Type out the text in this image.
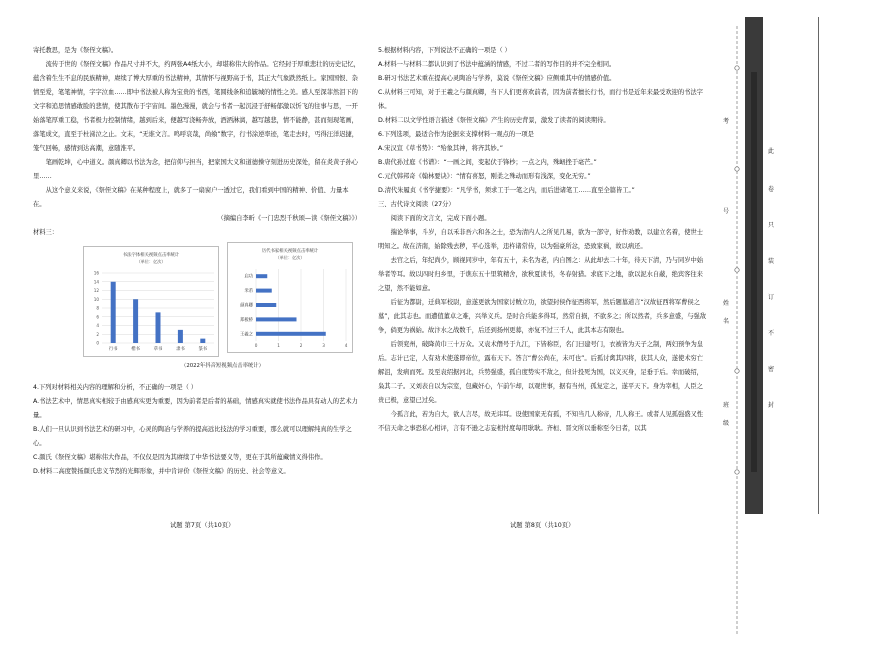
寄托教思，是为《祭侄文稿》。
流传于世的《祭侄文稿》作品尺寸并不大，约两张A4纸大小，却堪称伟大的作品。它经封于厚重悲壮的历史记忆，蕴含着生生不息的民族精神，赓续了博大厚重的书法精神，其情怀与视野高于书，其正大气象跌然纸上。家国国恨、杂情至爱，笔笔神情，字字泣血……即中书法被人称为宝贵的书西，笔圆线条和追毓城的情性之美。感人至深菲然泪下的文字和追思情感敢脸的悲情，使其散布于宇宙间。墨色漫漫，就会与书者一起沉浸于舒畅郁激以忻飞的往事与思，一开始落笔厚重工稳，书者极力控制情绪，越到后来，便越写浇畅奔放，酒洒淋漓，越写越悲，情不能静，甚而刻现笔画，落笔成文，直至于杜涕泣之止。文末，“无谁文言。鸣呼哀哉，尚飨”数字，行书涂逆率迹，笔走去时，丐得汪洋迟捷，笼气回畅，感情到达高潮，意随淮平。
笔画乾坤，心中道义。颜真卿以书法为念，把信仰与担当，把家国大义和道德操守刻进历史深处，留在炎黄子孙心里……
从这个意义来说，《祭侄文稿》在某种程度上，就多了一扇窗户一透过它，我们看到中国的精神、价值、力量本在。
（摘编自李昕《一门忠烈千秋颂—读《祭侄文稿》》）
材料三：
书法字体相关视频点击率统计
（单位：亿次）
0
2
4
6
8
10
12
14
16
行书	楷书	草书	隶书	篆书
历代书家相关视频点击率统计
（单位：亿次）
0	1	2	3	4
王羲之
郑板桥
颜真卿
米芾
启功
（2022年抖音短视频点击率统计）
4.下列对材料相关内容的理解和分析，不正确的一项是（ ）
A.书法艺术中，情思真实相较于由感真实更为重要，因为前者是后者的基础，情感真实就使书法作品具有动人的艺术力量。
B.人们一旦认识到书法艺术的研习中，心灵的陶冶与学养的提高远比技法的学习重要，那么就可以理解纯真的生学之心。
C.颜氏《祭侄文稿》堪称伟大作品，不仅仅是因为其赓续了中华书法要义等，更在于其所蕴藏情义得伟作。
D.材料二高度赞扬颜氏忠义节烈的光辉形象，并中肯评价《祭侄文稿》的历史、社会等意义。
5.根据材料内容，下列说法不正确的一项是（ ）
A.材料一与材料二都认识到了书法中蕴涵的情感，不过二者的写作目的并不完全相同。
B.研习书法艺术重在提高心灵陶冶与学养，莫说《祭侄文稿》应侧重其中的情感价值。
C.从材料三可知，对于王羲之与颜真卿，当下人们更喜欢前者，因为前者擅长行书，而行书是近年来最受欢迎的书法字体。
D.材料二以文学性语言描述《祭侄文稿》产生的历史背景，激发了读者的阅读期待。
6.下列选项，最适合作为论据来支撑材料一观点的一项是
A.宋汉宣《草书势》：“殆象其神，将齐其妙。”
B.唐代孙过庭《书谱》：“一画之间，变起伏于锋杪；一点之内，殊衄挫于毫芒。”
C.元代韩邦奇《翰林要诀》：“情有喜怒，刚柔之殊动而形有浅深，变化无穷。”
D.清代朱履贞《书学捷要》：“凡学书，须求工于一笔之内，而后进诸笔工……直至全篇皆工。”
三、古代诗文阅读（27分）
阅读下面的文言文，完成下面小题。
揣论举事，斗岁，自以禾非吾六和各之士，恐为清内人之所见几易，欲为一部守，好作劝教，以建立名着，使世士明知之。故在济南，始除残去秽，平心选举，违杵诸常侍，以为强豪所忿，恐致家祸，故以病还。
去官之后，年纪尚少，顾视同岁中，年有五十，未名为老，内自图之：从此却去二十年，待天下清，乃与同岁中始举者等耳。故以四时归乡里，于谯东五十里筑精舍，欲秋夏读书，冬春射猎。求底下之地，欲以泥水自蔽，绝宾客往来之望，然不能如意。
后征为都尉，迁典军校尉，意遂更欲为国家讨贼立功，欲望封侯作征西将军，然后题墓道言“汉故征西将军曹侯之墓”，此其志也。而遭值董卓之难，兴举义兵。是时合兵能多得耳，然常自损，不欲多之；所以然者，兵多意盛，与强敌争，倘更为祸始。故汴水之战数千，后还到扬州更募，亦复不过三千人，此其本志有限也。
后领兖州，破降黄巾三十万众。又袁术僭号于九江，下皆称臣，名门曰建号门，衣被皆为天子之制，两妇预争为皇后。志计已定，人有劝术使遂即帝位，露布天下。答言“曹公尚在，未可也”。后孤讨禽其四将，获其人众，遂使术穷亡解沮，发病而死。及至袁绍据河北，兵势强盛，孤自度势实不敌之，但计投死为国，以义灭身，足垂于后。幸而破绍，枭其二子。又刘表自以为宗室，包藏奸心，乍前乍却，以观世事，据有当州，孤复定之，遂平天下。身为宰相，人臣之贵已极，意望已过矣。
今孤言此，若为自大，欲人言尽，故无讳耳。设使国家无有孤，不知当几人称帝，几人称王。或者人见孤强盛又性不信天命之事恐私心相评，言有不逊之志妄相忖度每用耿耿。齐桓、晋文所以垂称至今日者，以其
试题 第7页（共10页）	试题 第8页（共10页）
此
卷
只
装
订
不
密
封
考
号
姓
名
班
级
